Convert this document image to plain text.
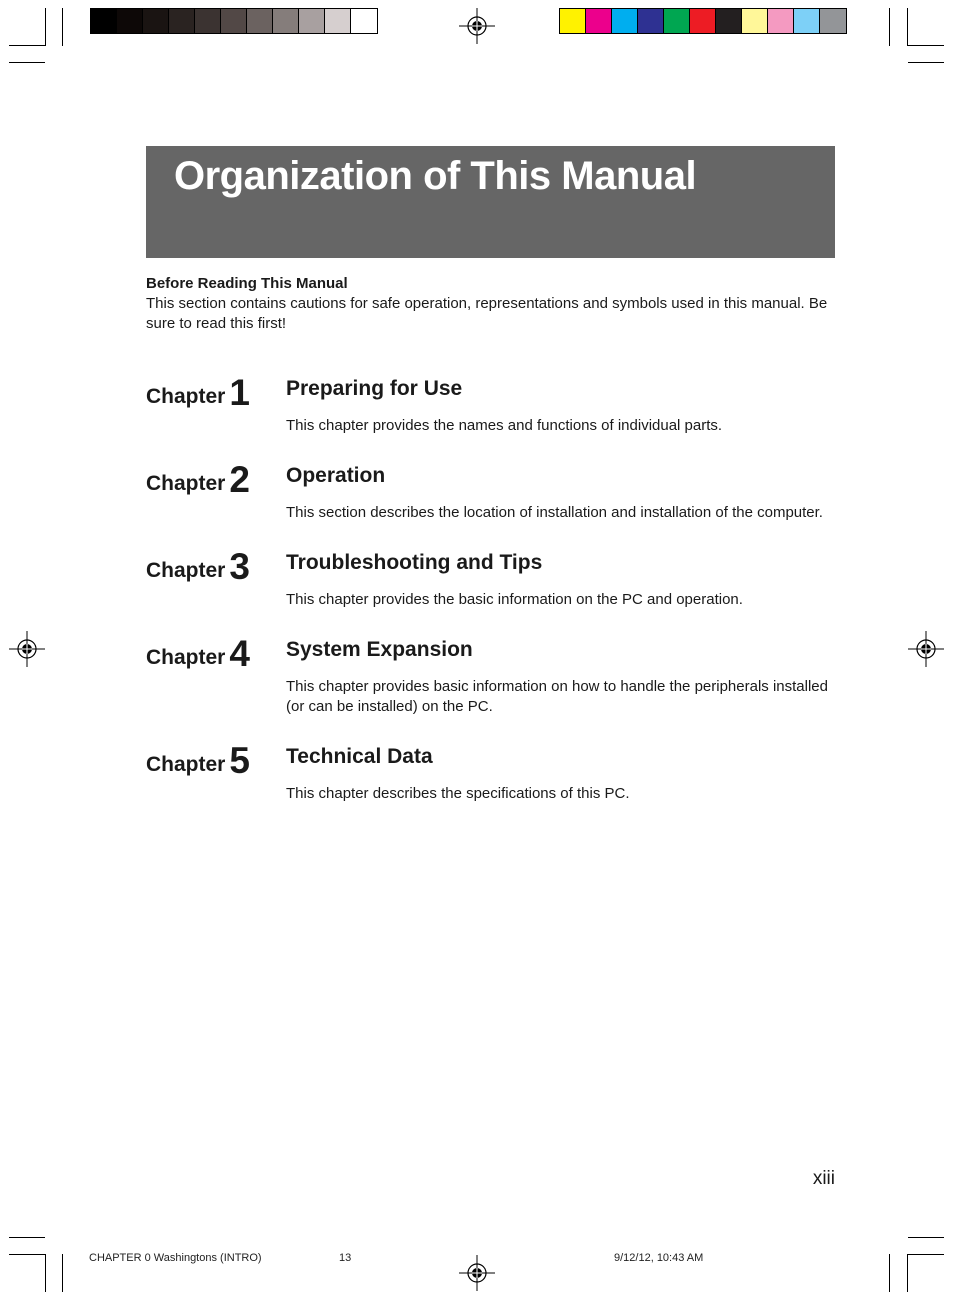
Organization of This Manual
Before Reading This Manual
This section contains cautions for safe operation, representations and symbols used in this manual. Be sure to read this first!
Chapter 1 Preparing for Use
This chapter provides the names and functions of individual parts.
Chapter 2 Operation
This section describes the location of installation and installation of the computer.
Chapter 3 Troubleshooting and Tips
This chapter provides the basic information on the PC and operation.
Chapter 4 System Expansion
This chapter provides basic information on how to handle the peripherals installed (or can be installed) on the PC.
Chapter 5 Technical Data
This chapter describes the specifications of this PC.
xiii
CHAPTER 0 Washingtons (INTRO)	13	9/12/12, 10:43 AM
